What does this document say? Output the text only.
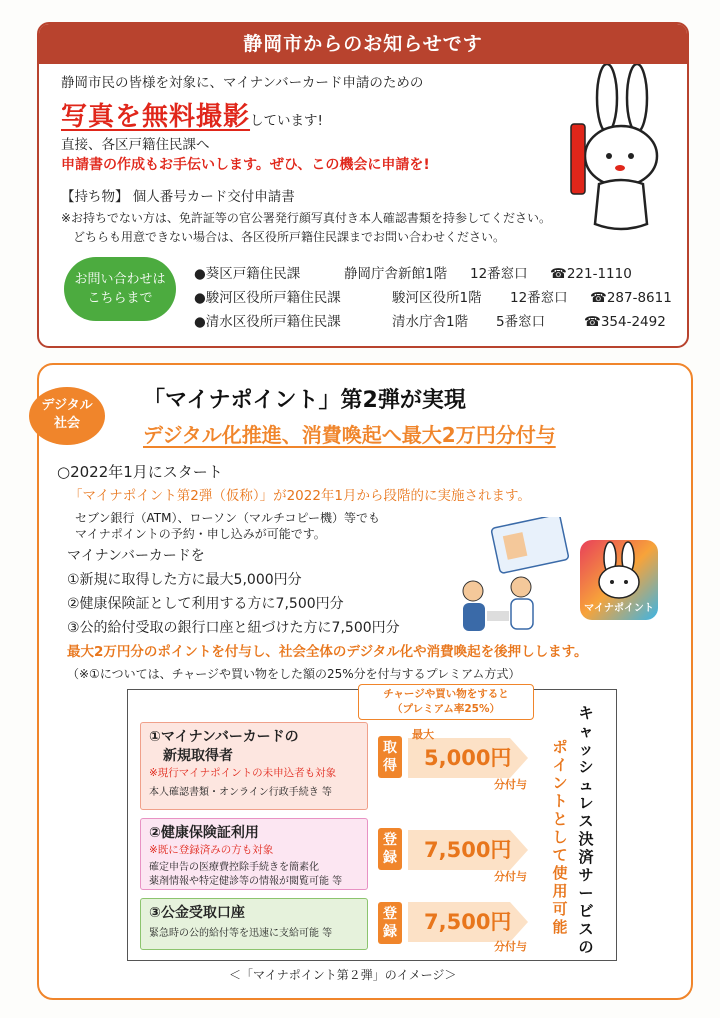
静岡市からのお知らせです
静岡市民の皆様を対象に、マイナンバーカード申請のための
写真を無料撮影しています!
直接、各区戸籍住民課へ
申請書の作成もお手伝いします。ぜひ、この機会に申請を!
【持ち物】 個人番号カード交付申請書
※お持ちでない方は、免許証等の官公署発行顔写真付き本人確認書類を持参してください。
どちらも用意できない場合は、各区役所戸籍住民課までお問い合わせください。
お問い合わせは
こちらまで
●葵区戸籍住民課	静岡庁舎新館1階 12番窓口 ☎221-1110
●駿河区役所戸籍住民課	駿河区役所1階 12番窓口 ☎287-8611
●清水区役所戸籍住民課	清水庁舎1階 5番窓口	☎354-2492
デジタル
社会
「マイナポイント」第2弾が実現
デジタル化推進、消費喚起へ最大2万円分付与
○2022年1月にスタート
「マイナポイント第2弾（仮称）」が2022年1月から段階的に実施されます。
セブン銀行（ATM）、ローソン（マルチコピー機）等でも
マイナポイントの予約・申し込みが可能です。
マイナンバーカードを
①新規に取得した方に最大5,000円分
②健康保険証として利用する方に7,500円分
③公的給付受取の銀行口座と紐づけた方に7,500円分
最大2万円分のポイントを付与し、社会全体のデジタル化や消費喚起を後押しします。
（※①については、チャージや買い物をした額の25%分を付与するプレミアム方式）
マイナポイント
チャージや買い物をすると
（プレミアム率25%）
①マイナンバーカードの
新規取得者
※現行マイナポイントの未申込者も対象
本人確認書類・オンライン行政手続き 等
取得
最大
5,000円
分付与
②健康保険証利用
※既に登録済みの方も対象
確定申告の医療費控除手続きを簡素化
薬剤情報や特定健診等の情報が閲覧可能 等
登録 7,500円
分付与
③公金受取口座
緊急時の公的給付等を迅速に支給可能 等
登録 7,500円
分付与
キャッシュレス決済サービスの
ポイントとして使用可能
＜「マイナポイント第２弾」のイメージ＞
